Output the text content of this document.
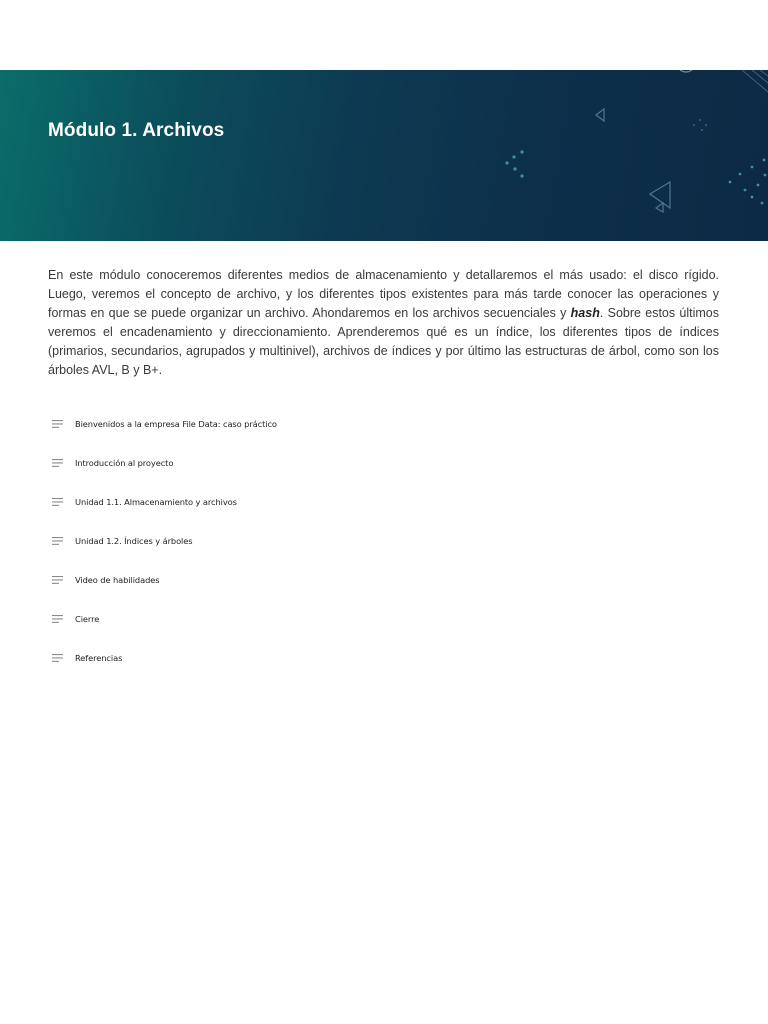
Módulo 1. Archivos

En este módulo conoceremos diferentes medios de almacenamiento y detallaremos el más usado: el disco rígido. Luego, veremos el concepto de archivo, y los diferentes tipos existentes para más tarde conocer las operaciones y formas en que se puede organizar un archivo. Ahondaremos en los archivos secuenciales y hash. Sobre estos últimos veremos el encadenamiento y direccionamiento. Aprenderemos qué es un índice, los diferentes tipos de índices (primarios, secundarios, agrupados y multinivel), archivos de índices y por último las estructuras de árbol, como son los árboles AVL, B y B+.

Bienvenidos a la empresa File Data: caso práctico
Introducción al proyecto
Unidad 1.1. Almacenamiento y archivos
Unidad 1.2. Índices y árboles
Video de habilidades
Cierre
Referencias
